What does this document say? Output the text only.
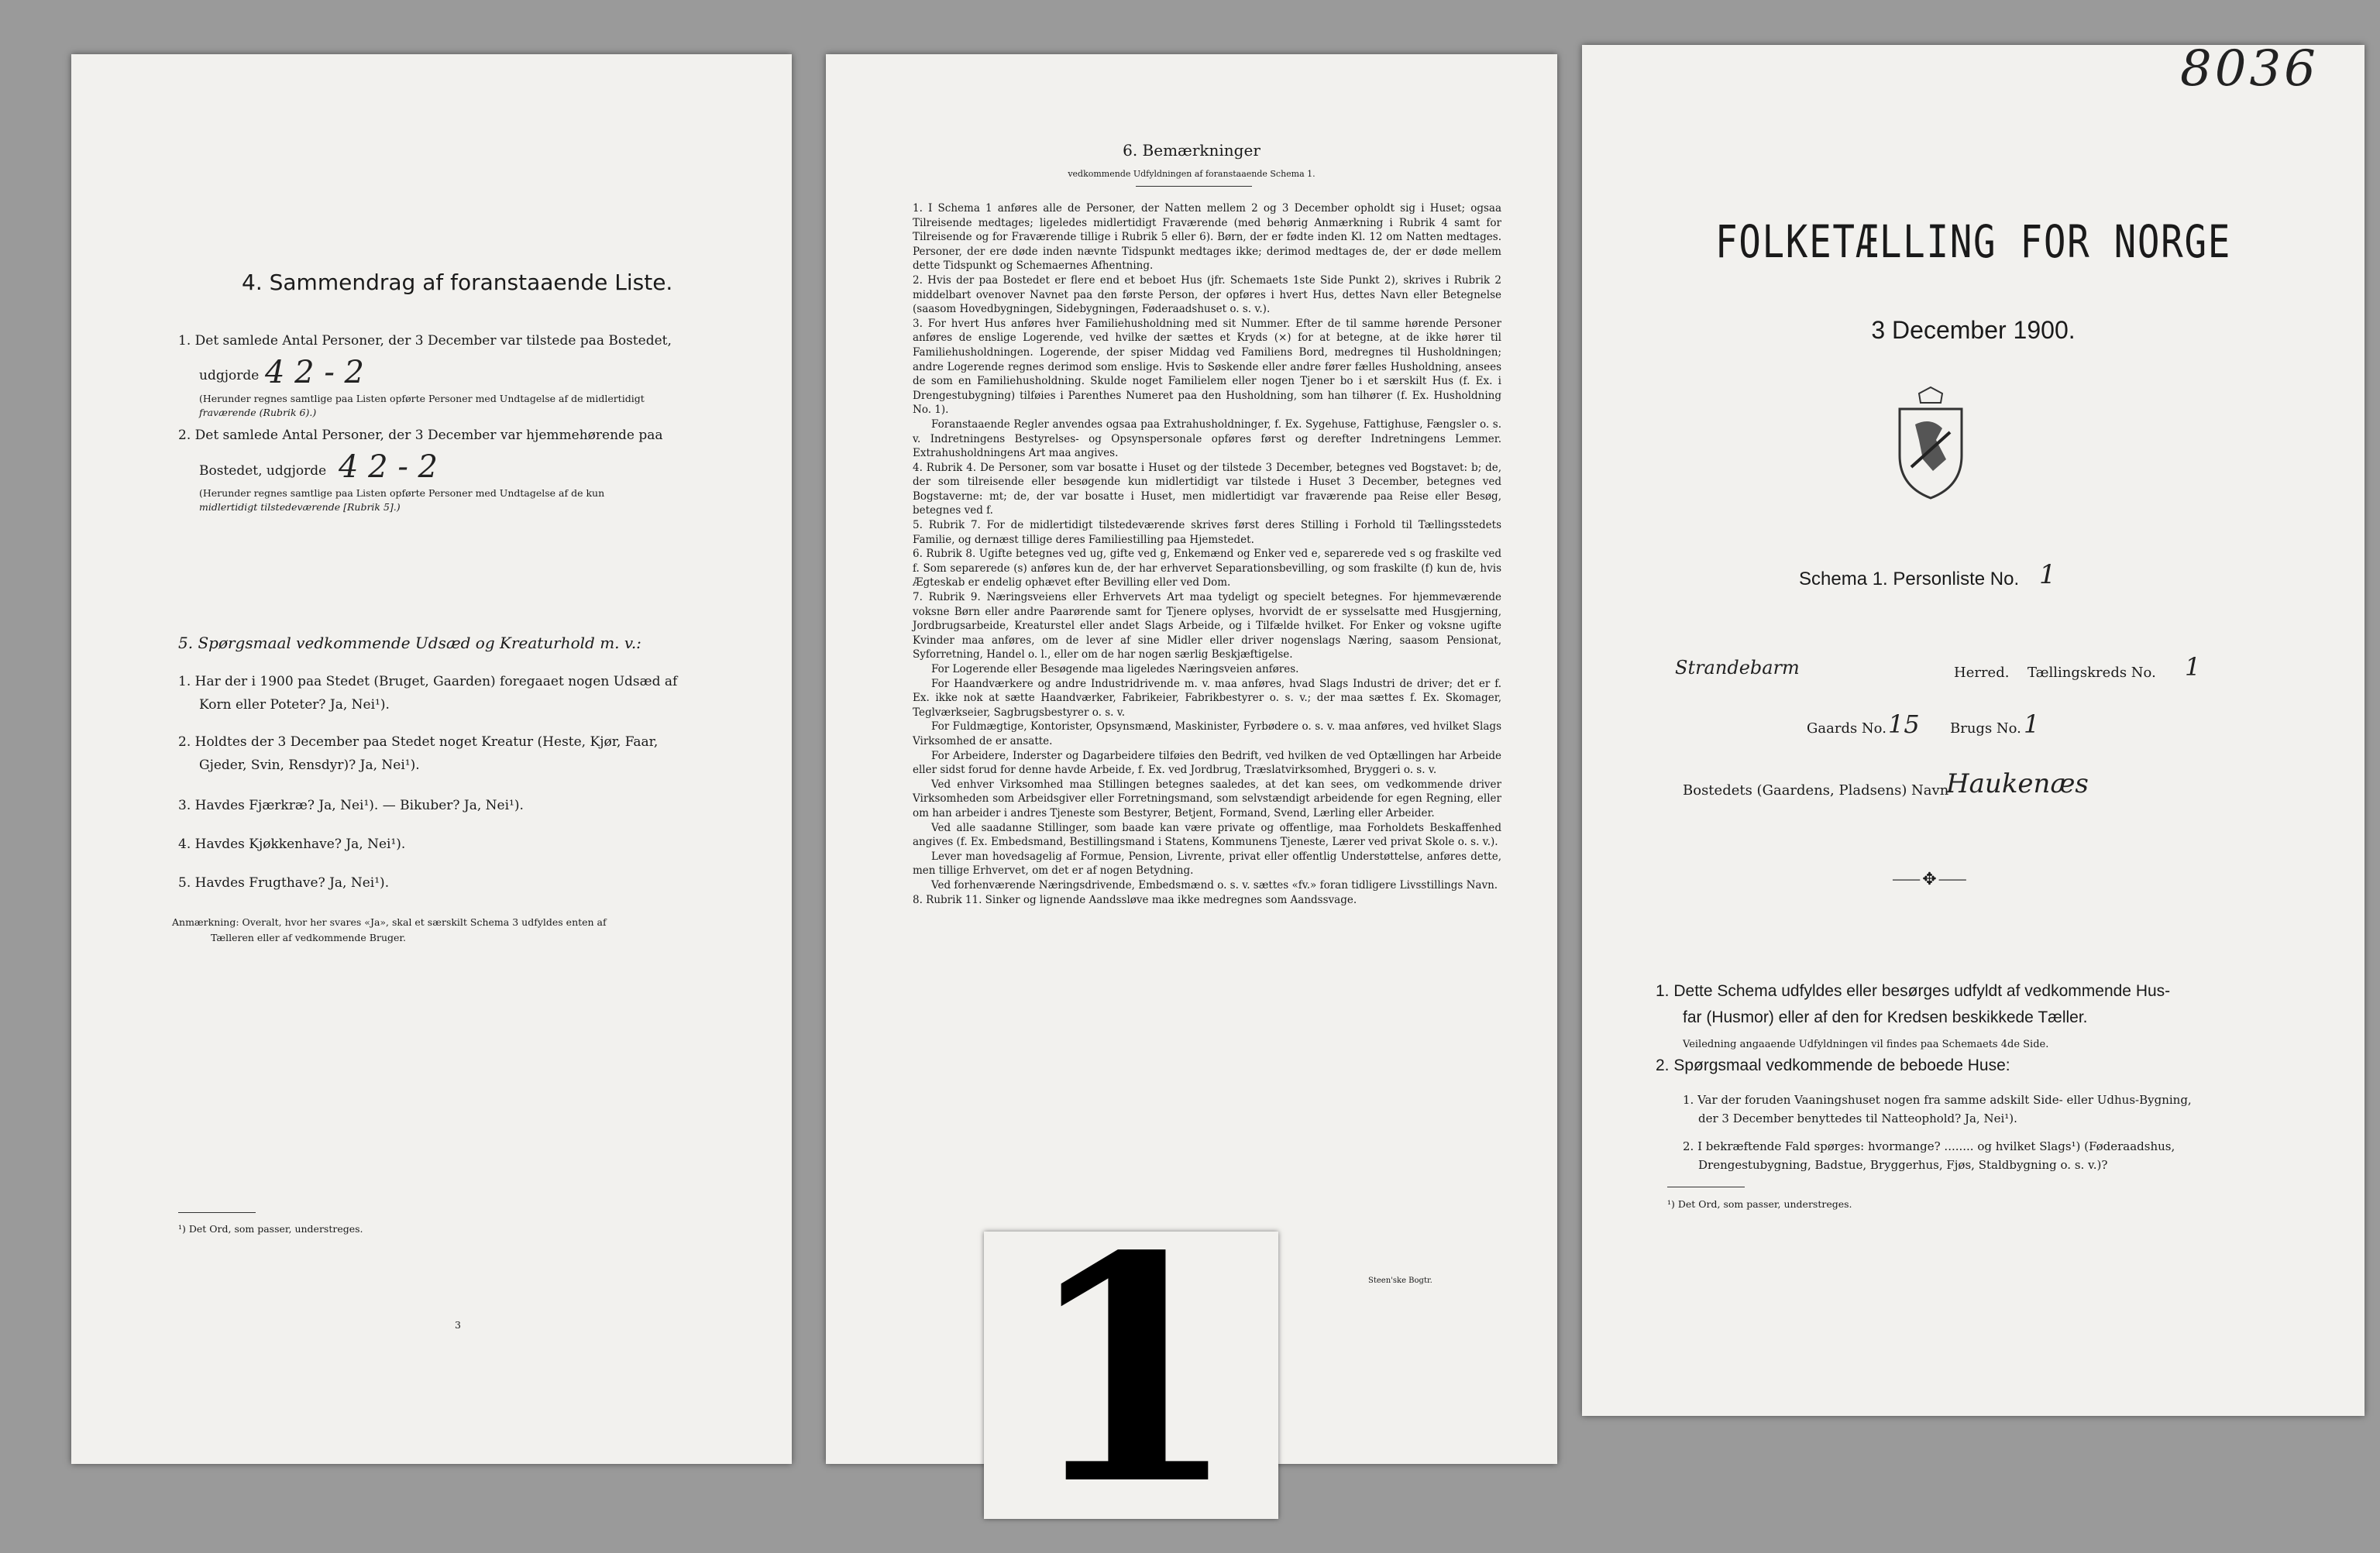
4. Sammendrag af foranstaaende Liste.
1. Det samlede Antal Personer, der 3 December var tilstede paa Bostedet,
udgjorde 4 2 - 2
(Herunder regnes samtlige paa Listen opførte Personer med Undtagelse af de midlertidigt
fraværende (Rubrik 6).)
2. Det samlede Antal Personer, der 3 December var hjemmehørende paa
Bostedet, udgjorde 4 2 - 2
(Herunder regnes samtlige paa Listen opførte Personer med Undtagelse af de kun
midlertidigt tilstedeværende [Rubrik 5].)
5. Spørgsmaal vedkommende Udsæd og Kreaturhold m. v.:
1. Har der i 1900 paa Stedet (Bruget, Gaarden) foregaaet nogen Udsæd af
Korn eller Poteter? Ja, Nei¹).
2. Holdtes der 3 December paa Stedet noget Kreatur (Heste, Kjør, Faar,
Gjeder, Svin, Rensdyr)? Ja, Nei¹).
3. Havdes Fjærkræ? Ja, Nei¹). — Bikuber? Ja, Nei¹).
4. Havdes Kjøkkenhave? Ja, Nei¹).
5. Havdes Frugthave? Ja, Nei¹).
Anmærkning: Overalt, hvor her svares «Ja», skal et særskilt Schema 3 udfyldes enten af
Tælleren eller af vedkommende Bruger.
¹) Det Ord, som passer, understreges.
3
6. Bemærkninger
vedkommende Udfyldningen af foranstaaende Schema 1.

1. I Schema 1 anføres alle de Personer, der Natten mellem 2 og 3 December opholdt sig i Huset; ogsaa Tilreisende medtages; ligeledes midlertidigt Fraværende (med behørig Anmærkning i Rubrik 4 samt for Tilreisende og for Fraværende tillige i Rubrik 5 eller 6). Børn, der er fødte inden Kl. 12 om Natten medtages. Personer, der ere døde inden nævnte Tidspunkt medtages ikke; derimod medtages de, der er døde mellem dette Tidspunkt og Schemaernes Afhentning.

2. Hvis der paa Bostedet er flere end et beboet Hus (jfr. Schemaets 1ste Side Punkt 2), skrives i Rubrik 2 middelbart ovenover Navnet paa den første Person, der opføres i hvert Hus, dettes Navn eller Betegnelse (saasom Hovedbygningen, Sidebygningen, Føderaadshuset o. s. v.).

3. For hvert Hus anføres hver Familiehusholdning med sit Nummer. Efter de til samme hørende Personer anføres de enslige Logerende, ved hvilke der sættes et Kryds (×) for at betegne, at de ikke hører til Familiehusholdningen. Logerende, der spiser Middag ved Familiens Bord, medregnes til Husholdningen; andre Logerende regnes derimod som enslige. Hvis to Søskende eller andre fører fælles Husholdning, ansees de som en Familiehusholdning. Skulde noget Familielem eller nogen Tjener bo i et særskilt Hus (f. Ex. i Drengestubygning) tilføies i Parenthes Numeret paa den Husholdning, som han tilhører (f. Ex. Husholdning No. 1).

Foranstaaende Regler anvendes ogsaa paa Extrahusholdninger, f. Ex. Sygehuse, Fattighuse, Fængsler o. s. v. Indretningens Bestyrelses- og Opsynspersonale opføres først og derefter Indretningens Lemmer. Extrahusholdningens Art maa angives.

4. Rubrik 4. De Personer, som var bosatte i Huset og der tilstede 3 December, betegnes ved Bogstavet: b; de, der som tilreisende eller besøgende kun midlertidigt var tilstede i Huset 3 December, betegnes ved Bogstaverne: mt; de, der var bosatte i Huset, men midlertidigt var fraværende paa Reise eller Besøg, betegnes ved f.

5. Rubrik 7. For de midlertidigt tilstedeværende skrives først deres Stilling i Forhold til Tællingsstedets Familie, og dernæst tillige deres Familiestilling paa Hjemstedet.

6. Rubrik 8. Ugifte betegnes ved ug, gifte ved g, Enkemænd og Enker ved e, separerede ved s og fraskilte ved f. Som separerede (s) anføres kun de, der har erhvervet Separationsbevilling, og som fraskilte (f) kun de, hvis Ægteskab er endelig ophævet efter Bevilling eller ved Dom.

7. Rubrik 9. Næringsveiens eller Erhvervets Art maa tydeligt og specielt betegnes. For hjemmeværende voksne Børn eller andre Paarørende samt for Tjenere oplyses, hvorvidt de er sysselsatte med Husgjerning, Jordbrugsarbeide, Kreaturstel eller andet Slags Arbeide, og i Tilfælde hvilket. For Enker og voksne ugifte Kvinder maa anføres, om de lever af sine Midler eller driver nogenslags Næring, saasom Pensionat, Syforretning, Handel o. l., eller om de har nogen særlig Beskjæftigelse.

For Logerende eller Besøgende maa ligeledes Næringsveien anføres.

For Haandværkere og andre Industridrivende m. v. maa anføres, hvad Slags Industri de driver; det er f. Ex. ikke nok at sætte Haandværker, Fabrikeier, Fabrikbestyrer o. s. v.; der maa sættes f. Ex. Skomager, Teglværkseier, Sagbrugsbestyrer o. s. v.

For Fuldmægtige, Kontorister, Opsynsmænd, Maskinister, Fyrbødere o. s. v. maa anføres, ved hvilket Slags Virksomhed de er ansatte.

For Arbeidere, Inderster og Dagarbeidere tilføies den Bedrift, ved hvilken de ved Optællingen har Arbeide eller sidst forud for denne havde Arbeide, f. Ex. ved Jordbrug, Træslatvirksomhed, Bryggeri o. s. v.

Ved enhver Virksomhed maa Stillingen betegnes saaledes, at det kan sees, om vedkommende driver Virksomheden som Arbeidsgiver eller Forretningsmand, som selvstændigt arbeidende for egen Regning, eller om han arbeider i andres Tjeneste som Bestyrer, Betjent, Formand, Svend, Lærling eller Arbeider.

Ved alle saadanne Stillinger, som baade kan være private og offentlige, maa Forholdets Beskaffenhed angives (f. Ex. Embedsmand, Bestillingsmand i Statens, Kommunens Tjeneste, Lærer ved privat Skole o. s. v.).

Lever man hovedsagelig af Formue, Pension, Livrente, privat eller offentlig Understøttelse, anføres dette, men tillige Erhvervet, om det er af nogen Betydning.

Ved forhenværende Næringsdrivende, Embedsmænd o. s. v. sættes «fv.» foran tidligere Livsstillings Navn.

8. Rubrik 11. Sinker og lignende Aandssløve maa ikke medregnes som Aandssvage.

Steen'ske Bogtr.
8036
FOLKETÆLLING FOR NORGE
3 December 1900.
Schema 1. Personliste No. 1
Strandebarm	Herred. Tællingskreds No. 1
Gaards No. 15 Brugs No. 1
Bostedets (Gaardens, Pladsens) Navn
Haukenæs
⸺✥⸺
1. Dette Schema udfyldes eller besørges udfyldt af vedkommende Hus-
far (Husmor) eller af den for Kredsen beskikkede Tæller.
Veiledning angaaende Udfyldningen vil findes paa Schemaets 4de Side.
2. Spørgsmaal vedkommende de beboede Huse:
1. Var der foruden Vaaningshuset nogen fra samme adskilt Side- eller Udhus-Bygning,
der 3 December benyttedes til Natteophold? Ja, Nei¹).
2. I bekræftende Fald spørges: hvormange? ........ og hvilket Slags¹) (Føderaadshus,
Drengestubygning, Badstue, Bryggerhus, Fjøs, Staldbygning o. s. v.)?
¹) Det Ord, som passer, understreges.
1
